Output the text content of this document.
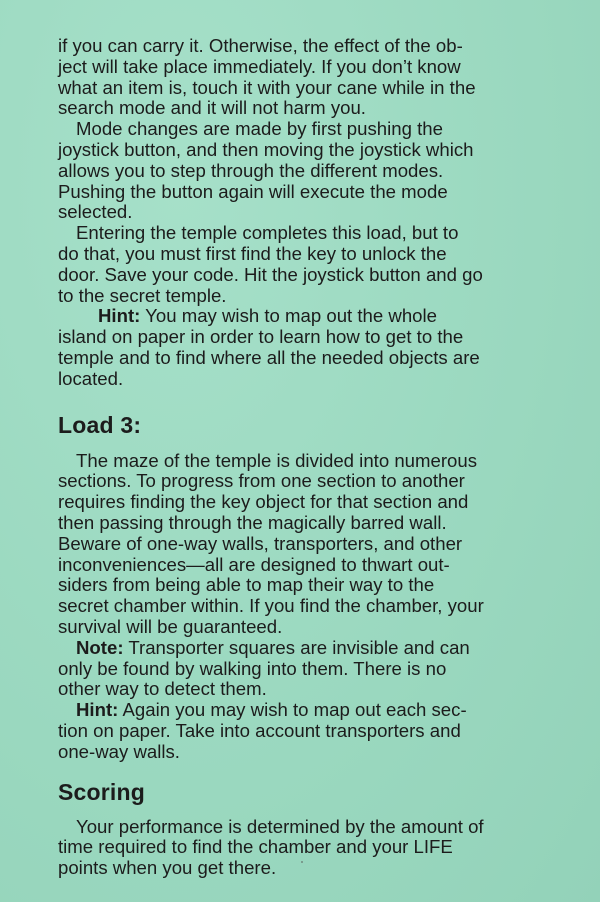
if you can carry it. Otherwise, the effect of the ob-
ject will take place immediately. If you don’t know
what an item is, touch it with your cane while in the
search mode and it will not harm you.

Mode changes are made by first pushing the
joystick button, and then moving the joystick which
allows you to step through the different modes.
Pushing the button again will execute the mode
selected.

Entering the temple completes this load, but to
do that, you must first find the key to unlock the
door. Save your code. Hit the joystick button and go
to the secret temple.

Hint: You may wish to map out the whole
island on paper in order to learn how to get to the
temple and to find where all the needed objects are
located.

Load 3:

The maze of the temple is divided into numerous
sections. To progress from one section to another
requires finding the key object for that section and
then passing through the magically barred wall.
Beware of one-way walls, transporters, and other
inconveniences—all are designed to thwart out-
siders from being able to map their way to the
secret chamber within. If you find the chamber, your
survival will be guaranteed.

Note: Transporter squares are invisible and can
only be found by walking into them. There is no
other way to detect them.

Hint: Again you may wish to map out each sec-
tion on paper. Take into account transporters and
one-way walls.

Scoring

Your performance is determined by the amount of
time required to find the chamber and your LIFE
points when you get there.
